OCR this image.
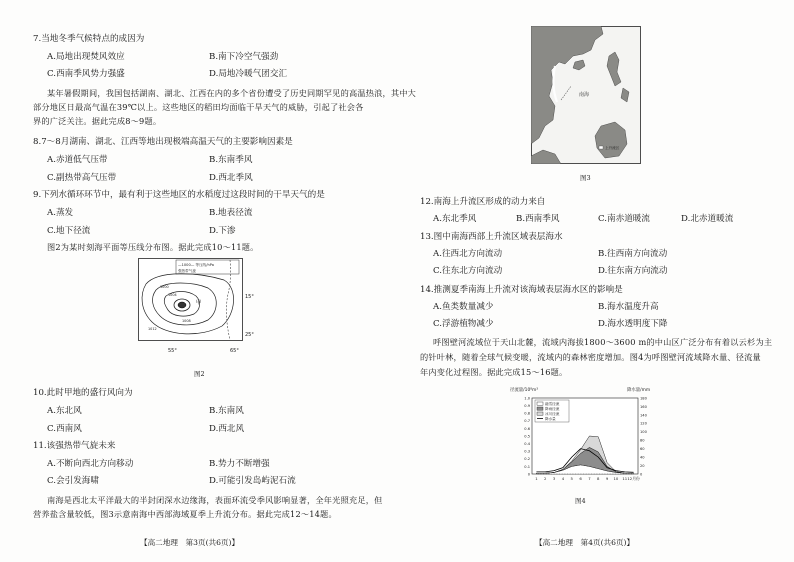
7.当地冬季气候特点的成因为
A.局地出现焚风效应	B.南下冷空气强劲
C.西南季风势力强盛	D.局地冷暖气团交汇
某年暑假期间，我国包括湖南、湖北、江西在内的多个省份遭受了历史同期罕见的高温热浪，其中大
部分地区日最高气温在39℃以上。这些地区的稻田均面临干旱天气的威胁，引起了社会各
界的广泛关注。据此完成8～9题。
8.7～8月湖南、湖北、江西等地出现极端高温天气的主要影响因素是
A.赤道低气压带	B.东南季风
C.副热带高气压带	D.西北季风
9.下列水循环环节中，最有利于这些地区的水稻度过这段时间的干旱天气的是
A.蒸发	B.地表径流
C.地下径流	D.下渗
图2为某时刻海平面等压线分布图。据此完成10～11题。
—1000— 等压线/hPa
强热带气旋
1000
1004
1008
1012
甲
15°
25°
55°	65°
图2
10.此时甲地的盛行风向为
A.东北风	B.东南风
C.西南风	D.西北风
11.该强热带气旋未来
A.不断向西北方向移动	B.势力不断增强
C.会引发海啸	D.可能引发岛屿泥石流
南海是西北太平洋最大的半封闭深水边缘海，表面环流受季风影响显著，全年光照充足，但
营养盐含量较低，图3示意南海中西部海域夏季上升流分布。据此完成12～14题。
【高二地理　第3页(共6页)】
南海
上升流区
图3
12.南海上升流区形成的动力来自
A.东北季风	B.西南季风	C.南赤道暖流	D.北赤道暖流
13.图中南海西部上升流区域表层海水
A.往西北方向流动	B.往西南方向流动
C.往东北方向流动	D.往东南方向流动
14.推测夏季南海上升流对该海域表层海水区的影响是
A.鱼类数量减少	B.海水温度升高
C.浮游植物减少	D.海水透明度下降
呼图壁河流域位于天山北麓，流域内海拔1800～3600 m的中山区广泛分布有着以云杉为主
的针叶林，随着全球气候变暖，流域内的森林密度增加。图4为呼图壁河流域降水量、径流量
年内变化过程图。据此完成15～16题。
径流量/10⁸m³	降水量/mm
0
0.1
0.2
0.3
0.4
0.5
0.6
0.7
0.8
0.9
1.0
0
20
40
60
80
100
120
140
160
180
1 2 3 4 5 6 7 8 9 10 11 12月份
融雪径流
降雨径流
冰川径流
降水量
图4
【高二地理　第4页(共6页)】
